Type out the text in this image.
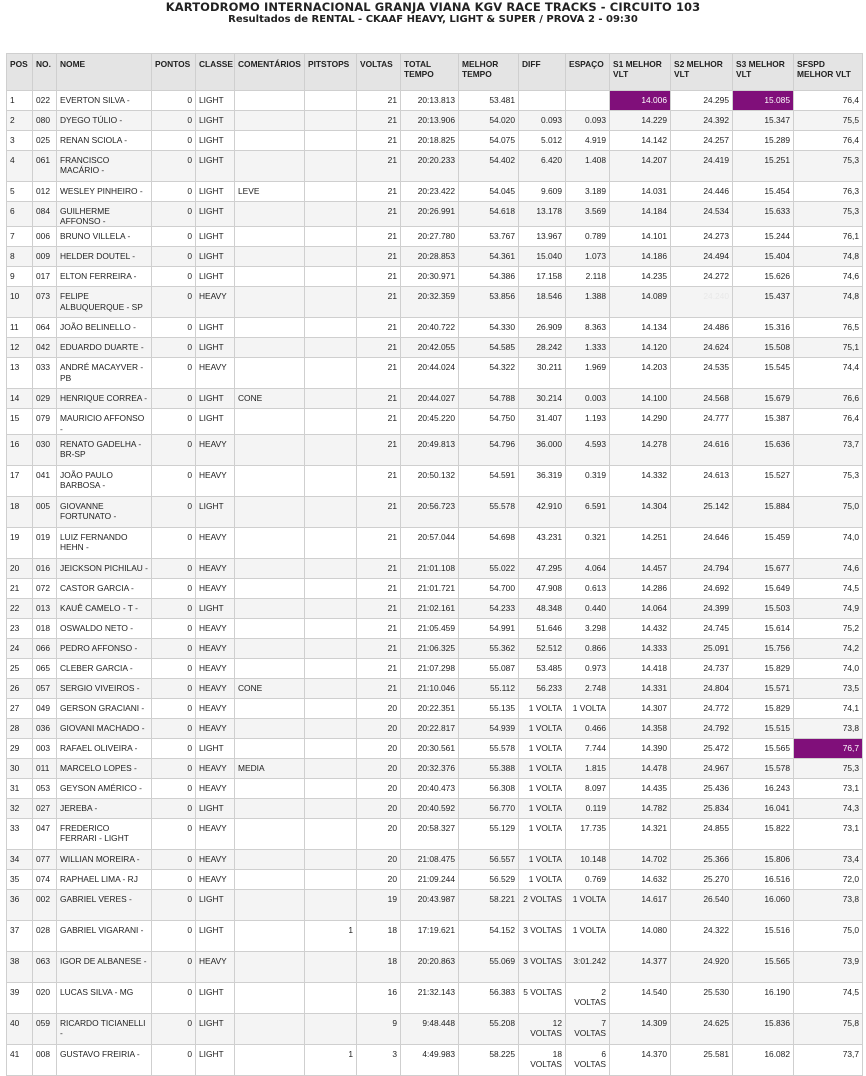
KARTODROMO INTERNACIONAL GRANJA VIANA KGV RACE TRACKS - CIRCUITO 103
Resultados de RENTAL - CKAAF HEAVY, LIGHT & SUPER / PROVA 2 - 09:30
POS	NO.	NOME	PONTOS	CLASSE	COMENTÁRIOS	PITSTOPS	VOLTAS	TOTAL TEMPO	MELHOR TEMPO	DIFF	ESPAÇO	S1 MELHOR VLT	S2 MELHOR VLT	S3 MELHOR VLT	SFSPD MELHOR VLT
1	022	EVERTON SILVA -	0	LIGHT			21	20:13.813	53.481			14.006	24.295	15.085	76,4
2	080	DYEGO TÚLIO -	0	LIGHT			21	20:13.906	54.020	0.093	0.093	14.229	24.392	15.347	75,5
3	025	RENAN SCIOLA -	0	LIGHT			21	20:18.825	54.075	5.012	4.919	14.142	24.257	15.289	76,4
4	061	FRANCISCO MACÁRIO -	0	LIGHT			21	20:20.233	54.402	6.420	1.408	14.207	24.419	15.251	75,3
5	012	WESLEY PINHEIRO -	0	LIGHT	LEVE		21	20:23.422	54.045	9.609	3.189	14.031	24.446	15.454	76,3
6	084	GUILHERME AFFONSO -	0	LIGHT			21	20:26.991	54.618	13.178	3.569	14.184	24.534	15.633	75,3
7	006	BRUNO VILLELA -	0	LIGHT			21	20:27.780	53.767	13.967	0.789	14.101	24.273	15.244	76,1
8	009	HELDER DOUTEL -	0	LIGHT			21	20:28.853	54.361	15.040	1.073	14.186	24.494	15.404	74,8
9	017	ELTON FERREIRA -	0	LIGHT			21	20:30.971	54.386	17.158	2.118	14.235	24.272	15.626	74,6
10	073	FELIPE ALBUQUERQUE - SP	0	HEAVY			21	20:32.359	53.856	18.546	1.388	14.089	24.240	15.437	74,8
11	064	JOÃO BELINELLO -	0	LIGHT			21	20:40.722	54.330	26.909	8.363	14.134	24.486	15.316	76,5
12	042	EDUARDO DUARTE -	0	LIGHT			21	20:42.055	54.585	28.242	1.333	14.120	24.624	15.508	75,1
13	033	ANDRÉ MACAYVER - PB	0	HEAVY			21	20:44.024	54.322	30.211	1.969	14.203	24.535	15.545	74,4
14	029	HENRIQUE CORREA -	0	LIGHT	CONE		21	20:44.027	54.788	30.214	0.003	14.100	24.568	15.679	76,6
15	079	MAURICIO AFFONSO -	0	LIGHT			21	20:45.220	54.750	31.407	1.193	14.290	24.777	15.387	76,4
16	030	RENATO GADELHA - BR-SP	0	HEAVY			21	20:49.813	54.796	36.000	4.593	14.278	24.616	15.636	73,7
17	041	JOÃO PAULO BARBOSA -	0	HEAVY			21	20:50.132	54.591	36.319	0.319	14.332	24.613	15.527	75,3
18	005	GIOVANNE FORTUNATO -	0	LIGHT			21	20:56.723	55.578	42.910	6.591	14.304	25.142	15.884	75,0
19	019	LUIZ FERNANDO HEHN -	0	HEAVY			21	20:57.044	54.698	43.231	0.321	14.251	24.646	15.459	74,0
20	016	JEICKSON PICHILAU -	0	HEAVY			21	21:01.108	55.022	47.295	4.064	14.457	24.794	15.677	74,6
21	072	CASTOR GARCIA -	0	HEAVY			21	21:01.721	54.700	47.908	0.613	14.286	24.692	15.649	74,5
22	013	KAUÊ CAMELO - T -	0	LIGHT			21	21:02.161	54.233	48.348	0.440	14.064	24.399	15.503	74,9
23	018	OSWALDO NETO -	0	HEAVY			21	21:05.459	54.991	51.646	3.298	14.432	24.745	15.614	75,2
24	066	PEDRO AFFONSO -	0	HEAVY			21	21:06.325	55.362	52.512	0.866	14.333	25.091	15.756	74,2
25	065	CLEBER GARCIA -	0	HEAVY			21	21:07.298	55.087	53.485	0.973	14.418	24.737	15.829	74,0
26	057	SERGIO VIVEIROS -	0	HEAVY	CONE		21	21:10.046	55.112	56.233	2.748	14.331	24.804	15.571	73,5
27	049	GERSON GRACIANI -	0	HEAVY			20	20:22.351	55.135	1 VOLTA	1 VOLTA	14.307	24.772	15.829	74,1
28	036	GIOVANI MACHADO -	0	HEAVY			20	20:22.817	54.939	1 VOLTA	0.466	14.358	24.792	15.515	73,8
29	003	RAFAEL OLIVEIRA -	0	LIGHT			20	20:30.561	55.578	1 VOLTA	7.744	14.390	25.472	15.565	76,7
30	011	MARCELO LOPES -	0	HEAVY	MEDIA		20	20:32.376	55.388	1 VOLTA	1.815	14.478	24.967	15.578	75,3
31	053	GEYSON AMÉRICO -	0	HEAVY			20	20:40.473	56.308	1 VOLTA	8.097	14.435	25.436	16.243	73,1
32	027	JEREBA -	0	LIGHT			20	20:40.592	56.770	1 VOLTA	0.119	14.782	25.834	16.041	74,3
33	047	FREDERICO FERRARI - LIGHT	0	HEAVY			20	20:58.327	55.129	1 VOLTA	17.735	14.321	24.855	15.822	73,1
34	077	WILLIAN MOREIRA -	0	HEAVY			20	21:08.475	56.557	1 VOLTA	10.148	14.702	25.366	15.806	73,4
35	074	RAPHAEL LIMA - RJ	0	HEAVY			20	21:09.244	56.529	1 VOLTA	0.769	14.632	25.270	16.516	72,0
36	002	GABRIEL VERES -	0	LIGHT			19	20:43.987	58.221	2 VOLTAS	1 VOLTA	14.617	26.540	16.060	73,8
37	028	GABRIEL VIGARANI -	0	LIGHT		1	18	17:19.621	54.152	3 VOLTAS	1 VOLTA	14.080	24.322	15.516	75,0
38	063	IGOR DE ALBANESE -	0	HEAVY			18	20:20.863	55.069	3 VOLTAS	3:01.242	14.377	24.920	15.565	73,9
39	020	LUCAS SILVA - MG	0	LIGHT			16	21:32.143	56.383	5 VOLTAS	2 VOLTAS	14.540	25.530	16.190	74,5
40	059	RICARDO TICIANELLI -	0	LIGHT			9	9:48.448	55.208	12 VOLTAS	7 VOLTAS	14.309	24.625	15.836	75,8
41	008	GUSTAVO FREIRIA -	0	LIGHT		1	3	4:49.983	58.225	18 VOLTAS	6 VOLTAS	14.370	25.581	16.082	73,7
